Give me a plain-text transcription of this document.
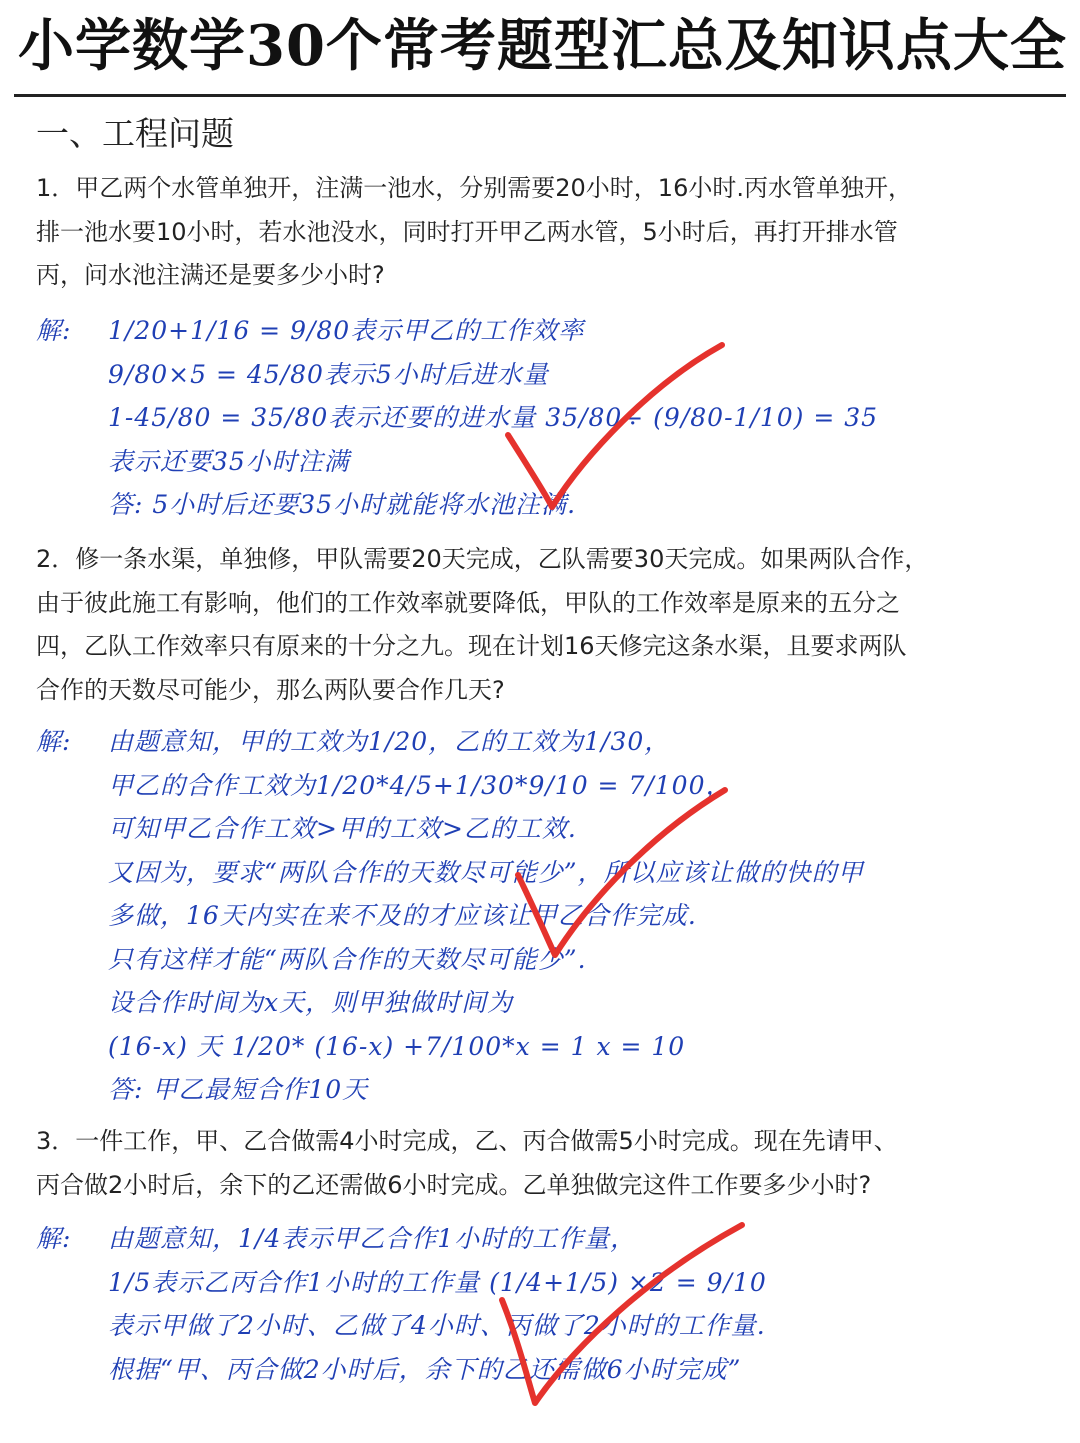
小学数学30个常考题型汇总及知识点大全
一、工程问题

1．甲乙两个水管单独开，注满一池水，分别需要20小时，16小时.丙水管单独开，

排一池水要10小时，若水池没水，同时打开甲乙两水管，5小时后，再打开排水管

丙，问水池注满还是要多少小时?

解: 1/20+1/16 = 9/80表示甲乙的工作效率

9/80×5 = 45/80表示5小时后进水量

1-45/80 = 35/80表示还要的进水量 35/80÷ (9/80-1/10) = 35

表示还要35小时注满

答: 5小时后还要35小时就能将水池注满.

2．修一条水渠，单独修，甲队需要20天完成，乙队需要30天完成。如果两队合作，

由于彼此施工有影响，他们的工作效率就要降低，甲队的工作效率是原来的五分之

四，乙队工作效率只有原来的十分之九。现在计划16天修完这条水渠，且要求两队

合作的天数尽可能少，那么两队要合作几天?

解: 由题意知，甲的工效为1/20，乙的工效为1/30，

甲乙的合作工效为1/20*4/5+1/30*9/10 = 7/100，

可知甲乙合作工效>甲的工效>乙的工效.

又因为，要求“两队合作的天数尽可能少”，所以应该让做的快的甲

多做，16天内实在来不及的才应该让甲乙合作完成.

只有这样才能“两队合作的天数尽可能少”.

设合作时间为x天，则甲独做时间为

(16-x) 天 1/20* (16-x) +7/100*x = 1 x = 10

答: 甲乙最短合作10天

3．一件工作，甲、乙合做需4小时完成，乙、丙合做需5小时完成。现在先请甲、

丙合做2小时后，余下的乙还需做6小时完成。乙单独做完这件工作要多少小时?

解: 由题意知，1/4表示甲乙合作1小时的工作量，

1/5表示乙丙合作1小时的工作量 (1/4+1/5) ×2 = 9/10

表示甲做了2小时、乙做了4小时、丙做了2小时的工作量.

根据“甲、丙合做2小时后，余下的乙还需做6小时完成”
